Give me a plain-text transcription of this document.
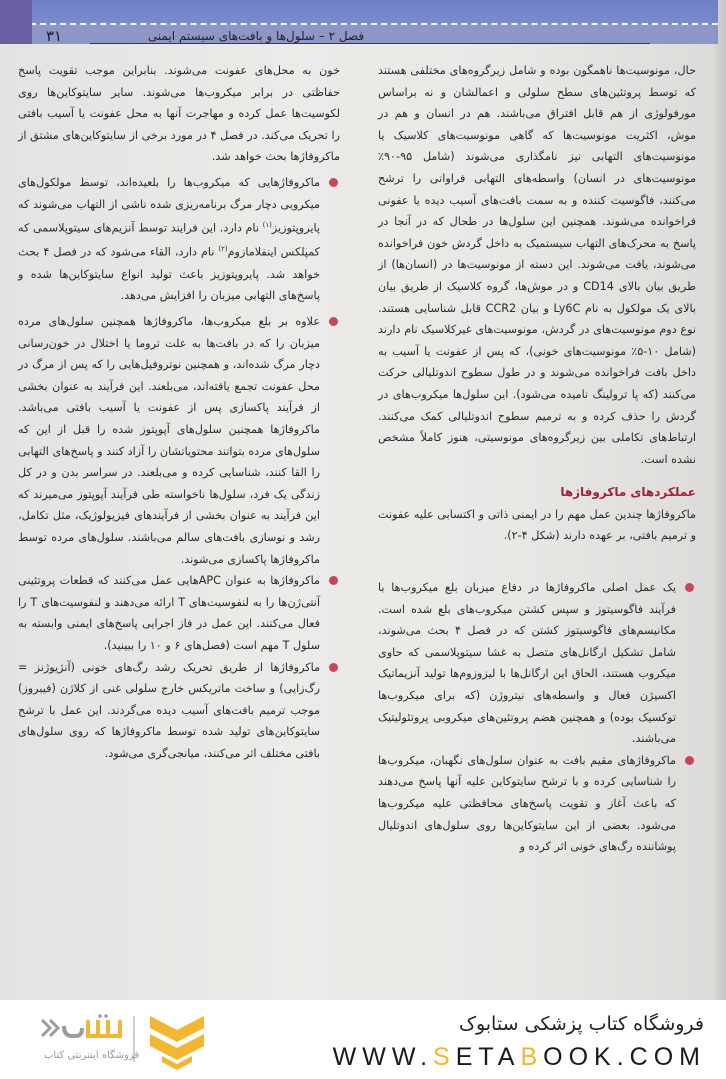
۳۱	فصل ۲ – سلول‌ها و بافت‌های سیستم ایمنی

حال، مونوسیت‌ها ناهمگون بوده و شامل زیرگروه‌های مختلفی هستند که توسط پروتئین‌های سطح سلولی و اعمالشان و نه براساس مورفولوژی از هم قابل افتراق می‌باشند. هم در انسان و هم در موش، اکثریت مونوسیت‌ها که گاهی مونوسیت‌های کلاسیک یا مونوسیت‌های التهابی نیز نامگذاری می‌شوند (شامل ۹۵-۹۰٪ مونوسیت‌های در انسان) واسطه‌های التهابی فراوانی را ترشح می‌کنند، فاگوسیت کننده و به سمت بافت‌های آسیب دیده یا عفونی فراخوانده می‌شوند. همچنین این سلول‌ها در طحال که در آنجا در پاسخ به محرک‌های التهاب سیستمیک به داخل گردش خون فراخوانده می‌شوند، یافت می‌شوند. این دسته از مونوسیت‌ها در (انسان‌ها) از طریق بیان بالای CD14 و در موش‌ها، گروه کلاسیک از طریق بیان بالای یک مولکول به نام Ly6C و بیان CCR2 قابل شناسایی هستند. نوع دوم مونوسیت‌های در گردش، مونوسیت‌های غیرکلاسیک نام دارند (شامل ۱۰-۵٪ مونوسیت‌های خونی)، که پس از عفونت یا آسیب به داخل بافت فراخوانده می‌شوند و در طول سطوح اندوتلیالی حرکت می‌کنند (که پا ترولینگ نامیده می‌شود). این سلول‌ها میکروب‌های در گردش را حذف کرده و به ترمیم سطوح اندوتلیالی کمک می‌کنند. ارتباط‌های تکاملی بین زیرگروه‌های مونوسیتی، هنوز کاملاً مشخص نشده است.

عملکردهای ماکروفاژها

ماکروفاژها چندین عمل مهم را در ایمنی ذاتی و اکتسابی علیه عفونت و ترمیم بافتی، بر عهده دارند (شکل ۴-۲).

یک عمل اصلی ماکروفاژها در دفاع میزبان بلع میکروب‌ها با فرآیند فاگوسیتوز و سپس کشتن میکروب‌های بلع شده است. مکانیسم‌های فاگوسیتوز کشتن که در فصل ۴ بحث می‌شوند، شامل تشکیل ارگانل‌های متصل به غشا سیتوپلاسمی که حاوی میکروب هستند، الحاق این ارگانل‌ها با لیزوزوم‌ها تولید آنزیماتیک اکسیژن فعال و واسطه‌های نیتروژن (که برای میکروب‌ها توکسیک بوده) و همچنین هضم پروتئین‌های میکروبی پروتئولیتیک می‌باشند.
ماکروفاژهای مقیم بافت به عنوان سلول‌های نگهبان، میکروب‌ها را شناسایی کرده و با ترشح سایتوکاین علیه آنها پاسخ می‌دهند که باعث آغاز و تقویت پاسخ‌های محافظتی علیه میکروب‌ها می‌شود. بعضی از این سایتوکاین‌ها روی سلول‌های اندوتلیال پوشاننده رگ‌های خونی اثر کرده و

خون به محل‌های عفونت می‌شوند. بنابراین موجب تقویت پاسخ حفاظتی در برابر میکروب‌ها می‌شوند. سایر سایتوکاین‌ها روی لکوسیت‌ها عمل کرده و مهاجرت آنها به محل عفونت یا آسیب بافتی را تحریک می‌کند. در فصل ۴ در مورد برخی از سایتوکاین‌های مشتق از ماکروفاژها بحث خواهد شد.

ماکروفاژهایی که میکروب‌ها را بلعیده‌اند، توسط مولکول‌های میکروبی دچار مرگ برنامه‌ریزی شده ناشی از التهاب می‌شوند که پایروپتوزیز$^{(۱)}$ نام دارد. این فرایند توسط آنزیم‌های سیتوپلاسمی که کمپلکس اینفلامازوم$^{(۲)}$ نام دارد، القاء می‌شود که در فصل ۴ بحث خواهد شد. پایروپتوزیز باعث تولید انواع سایتوکاین‌ها شده و پاسخ‌های التهابی میزبان را افزایش می‌دهد.
علاوه بر بلع میکروب‌ها، ماکروفاژها همچنین سلول‌های مرده میزبان را که در بافت‌ها به علت تروما یا اختلال در خون‌رسانی دچار مرگ شده‌اند، و همچنین نوتروفیل‌هایی را که پس از مرگ در محل عفونت تجمع یافته‌اند، می‌بلعند. این فرآیند به عنوان بخشی از فرآیند پاکسازی پس از عفونت یا آسیب بافتی می‌باشد. ماکروفاژها همچنین سلول‌های آپوپتوز شده را قبل از این که سلول‌های مرده بتوانند محتویاتشان را آزاد کنند و پاسخ‌های التهابی را القا کنند، شناسایی کرده و می‌بلعند. در سراسر بدن و در کل زندگی یک فرد، سلول‌ها ناخواسته طی فرآیند آپوپتوز می‌میرند که این فرآیند به عنوان بخشی از فرآیندهای فیزیولوژیک، مثل تکامل، رشد و نوسازی بافت‌های سالم می‌باشند. سلول‌های مرده توسط ماکروفاژها پاکسازی می‌شوند.
ماکروفاژها به عنوان APCهایی عمل می‌کنند که قطعات پروتئینی آنتی‌ژن‌ها را به لنفوسیت‌های T ارائه می‌دهند و لنفوسیت‌های T را فعال می‌کنند. این عمل در فاز اجرایی پاسخ‌های ایمنی وابسته به سلول T مهم است (فصل‌های ۶ و ۱۰ را ببینید).
ماکروفاژها از طریق تحریک رشد رگ‌های خونی (آنژیوژنز = رگ‌زایی) و ساخت ماتریکس خارج سلولی غنی از کلاژن (فیبروز) موجب ترمیم بافت‌های آسیب دیده می‌گردند. این عمل با ترشح سایتوکاین‌های تولید شده توسط ماکروفاژها که روی سلول‌های بافتی مختلف اثر می‌کنند، میانجی‌گری می‌شود.
فروشگاه کتاب پزشکی ستابوک
WWW.SETABOOK.COM
فروشگاه اینترنتی کتاب
